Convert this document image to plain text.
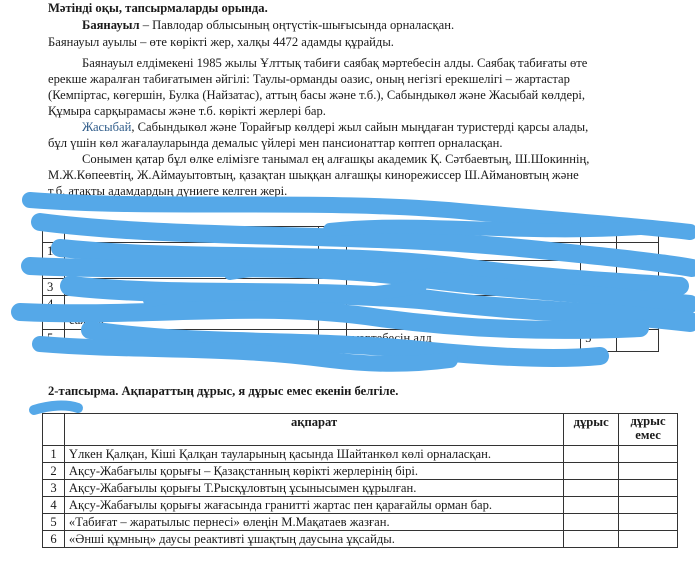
Мәтінді оқы, тапсырмаларды орында.
Баянауыл – Павлодар облысының оңтүстік-шығысында орналасқан.
Баянауыл ауылы – өте көрікті жер, халқы 4472 адамды құрайды.
Баянауыл елдімекені 1985 жылы Ұлттық табиғи саябақ мәртебесін алды. Саябақ табиғаты өте
ерекше жаралған табиғатымен әйгілі: Таулы-орманды оазис, оның негізгі ерекшелігі – жартастар
(Кемпіртас, көгершін, Булка (Найзатас), аттың басы және т.б.), Сабындыкөл және Жасыбай көлдері,
Құмыра сарқырамасы және т.б. көрікті жерлері бар.
Жасыбай, Сабындыкөл және Торайғыр көлдері жыл сайын мыңдаған туристерді қарсы алады,
бұл үшін көл жағалауларында демалыс үйлері мен пансионаттар көптеп орналасқан.
Сонымен қатар бұл өлке елімізге танымал ең алғашқы академик Қ. Сәтбаевтың, Ш.Шокиннің,
М.Ж.Көпеевтің, Ж.Аймауытовтың, қазақтан шыққан алғашқы кинорежиссер Ш.Аймановтың және
т.б. атақты адамдардың дүниеге келген жері.

1	Баянау				
2					
3				3	
4	саябақ	д			
5		е	мәртебесін алд	5	
2-тапсырма. Ақпараттың дұрыс, я дұрыс емес екенін белгіле.
	ақпарат	дұрыс	дұрыс
емес

1	Үлкен Қалқан, Кіші Қалқан тауларының қасында Шайтанкөл көлі орналасқан.		
2	Ақсу-Жабағылы қорығы – Қазақстанның көрікті жерлерінің бірі.		
3	Ақсу-Жабағылы қорығы Т.Рысқұловтың ұсынысымен құрылған.		
4	Ақсу-Жабағылы қорығы жағасында гранитті жартас пен қарағайлы орман бар.		
5	«Табиғат – жаратылыс пернесі» өлеңін М.Мақатаев жазған.		
6	«Әнші құмның» даусы реактивті ұшақтың даусына ұқсайды.		
